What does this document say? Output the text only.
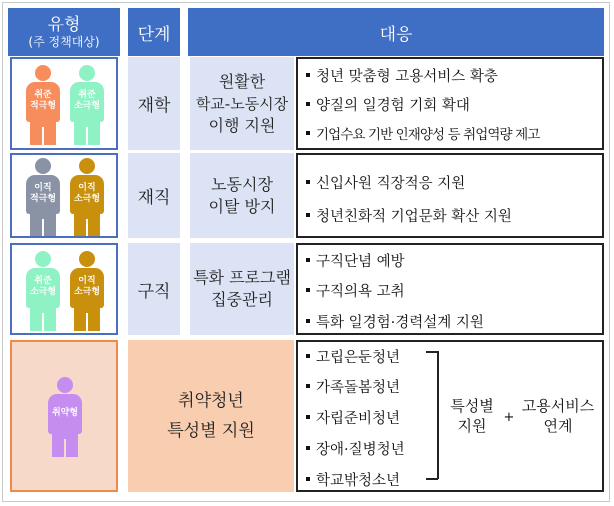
유형
(주 정책대상) 단계	대응
취준
적극형
취준
소극형 재학
원활한
학교-노동시장
이행 지원
청년 맞춤형 고용서비스 확충
양질의 일경험 기회 확대
기업수요 기반 인재양성 등 취업역량 제고
이직
적극형
이직
소극형 재직
노동시장
이탈 방지
신입사원 직장적응 지원
청년친화적 기업문화 확산 지원
취준
소극형
이직
소극형 구직
특화 프로그램
집중관리
구직단념 예방
구직의욕 고취
특화 일경험·경력설계 지원
취약형
취약청년
특성별 지원
고립은둔청년
가족돌봄청년
자립준비청년
장애·질병청년
학교밖청소년
특성별
지원	+
고용서비스
연계
